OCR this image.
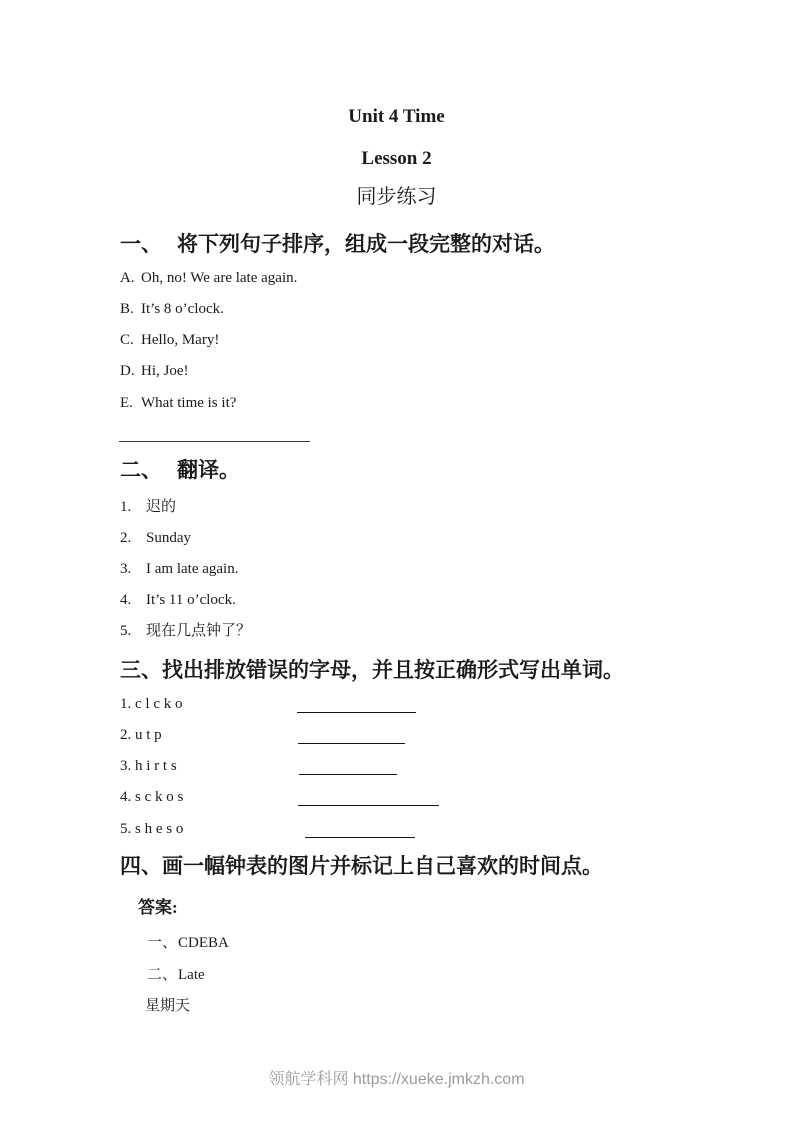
Unit 4 Time
Lesson 2
同步练习
一、 将下列句子排序，组成一段完整的对话。
A. Oh, no! We are late again.
B. It’s 8 o’clock.
C. Hello, Mary!
D. Hi, Joe!
E. What time is it?
二、 翻译。
1. 迟的
2. Sunday
3. I am late again.
4. It’s 11 o’clock.
5. 现在几点钟了？
三、找出排放错误的字母，并且按正确形式写出单词。
1. c l c k o
2. u t p
3. h i r t s
4. s c k o s
5. s h e s o
四、画一幅钟表的图片并标记上自己喜欢的时间点。
答案:
一、CDEBA
二、Late
星期天
领航学科网 https://xueke.jmkzh.com
